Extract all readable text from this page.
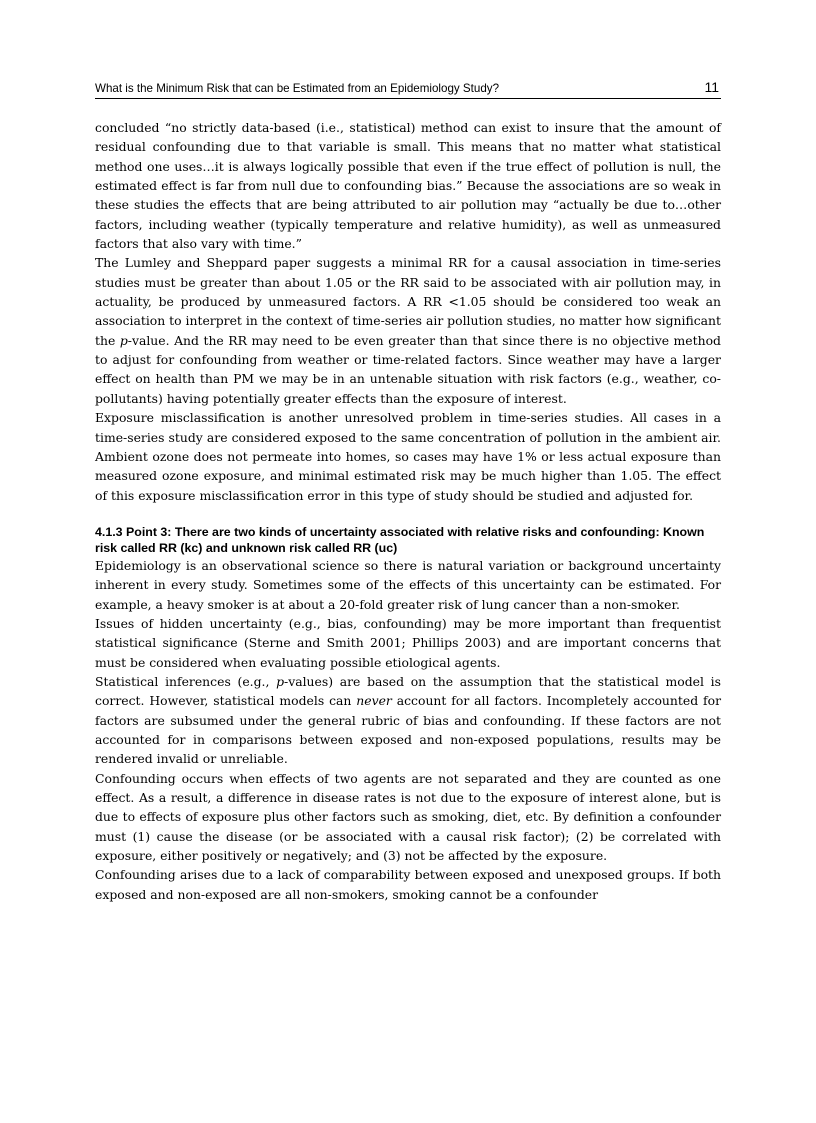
What is the Minimum Risk that can be Estimated from an Epidemiology Study?	11

concluded “no strictly data-based (i.e., statistical) method can exist to insure that the amount of residual confounding due to that variable is small. This means that no matter what statistical method one uses…it is always logically possible that even if the true effect of pollution is null, the estimated effect is far from null due to confounding bias.” Because the associations are so weak in these studies the effects that are being attributed to air pollution may “actually be due to…other factors, including weather (typically temperature and relative humidity), as well as unmeasured factors that also vary with time.”

The Lumley and Sheppard paper suggests a minimal RR for a causal association in time-series studies must be greater than about 1.05 or the RR said to be associated with air pollution may, in actuality, be produced by unmeasured factors. A RR <1.05 should be considered too weak an association to interpret in the context of time-series air pollution studies, no matter how significant the p-value. And the RR may need to be even greater than that since there is no objective method to adjust for confounding from weather or time-related factors. Since weather may have a larger effect on health than PM we may be in an untenable situation with risk factors (e.g., weather, co-pollutants) having potentially greater effects than the exposure of interest.

Exposure misclassification is another unresolved problem in time-series studies. All cases in a time-series study are considered exposed to the same concentration of pollution in the ambient air. Ambient ozone does not permeate into homes, so cases may have 1% or less actual exposure than measured ozone exposure, and minimal estimated risk may be much higher than 1.05. The effect of this exposure misclassification error in this type of study should be studied and adjusted for.

4.1.3 Point 3: There are two kinds of uncertainty associated with relative risks and confounding: Known risk called RR (kc) and unknown risk called RR (uc)

Epidemiology is an observational science so there is natural variation or background uncertainty inherent in every study. Sometimes some of the effects of this uncertainty can be estimated. For example, a heavy smoker is at about a 20-fold greater risk of lung cancer than a non-smoker.

Issues of hidden uncertainty (e.g., bias, confounding) may be more important than frequentist statistical significance (Sterne and Smith 2001; Phillips 2003) and are important concerns that must be considered when evaluating possible etiological agents.

Statistical inferences (e.g., p-values) are based on the assumption that the statistical model is correct. However, statistical models can never account for all factors. Incompletely accounted for factors are subsumed under the general rubric of bias and confounding. If these factors are not accounted for in comparisons between exposed and non-exposed populations, results may be rendered invalid or unreliable.

Confounding occurs when effects of two agents are not separated and they are counted as one effect. As a result, a difference in disease rates is not due to the exposure of interest alone, but is due to effects of exposure plus other factors such as smoking, diet, etc. By definition a confounder must (1) cause the disease (or be associated with a causal risk factor); (2) be correlated with exposure, either positively or negatively; and (3) not be affected by the exposure.

Confounding arises due to a lack of comparability between exposed and unexposed groups. If both exposed and non-exposed are all non-smokers, smoking cannot be a confounder
